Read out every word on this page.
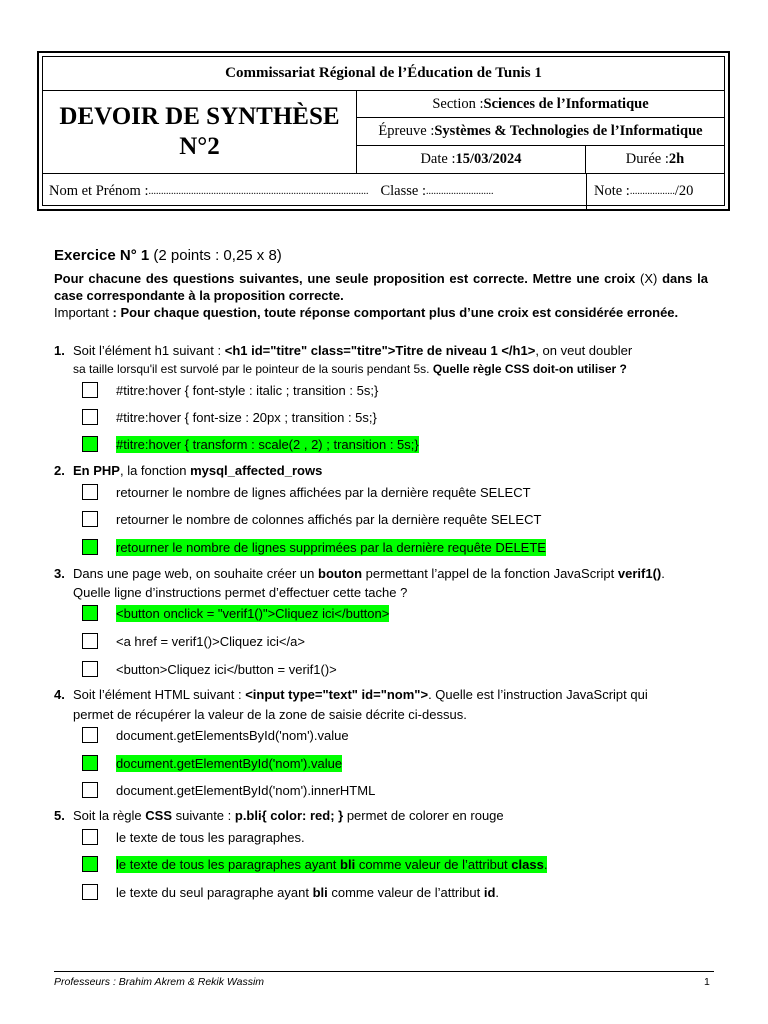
Commissariat Régional de l’Éducation de Tunis 1
DEVOIR DE SYNTHÈSE
N°2
Section : Sciences de l’Informatique
Épreuve : Systèmes & Technologies de l’Informatique
Date : 15/03/2024	Durée : 2h
Nom et Prénom : ........................................................................................ Classe : ...........................	Note : .................. /20
Exercice N° 1 (2 points : 0,25 x 8)
Pour chacune des questions suivantes, une seule proposition est correcte. Mettre une croix (X) dans la case correspondante à la proposition correcte.
Important : Pour chaque question, toute réponse comportant plus d’une croix est considérée erronée.
1. Soit l’élément h1 suivant : <h1 id="titre" class="titre">Titre de niveau 1 </h1>, on veut doubler
sa taille lorsqu'il est survolé par le pointeur de la souris pendant 5s. Quelle règle CSS doit-on utiliser ?
#titre:hover { font-style : italic ; transition : 5s;}
#titre:hover { font-size : 20px ; transition : 5s;}
#titre:hover { transform : scale(2 , 2) ; transition : 5s;}
2. En PHP, la fonction mysql_affected_rows
retourner le nombre de lignes affichées par la dernière requête SELECT
retourner le nombre de colonnes affichés par la dernière requête SELECT
retourner le nombre de lignes supprimées par la dernière requête DELETE
3. Dans une page web, on souhaite créer un bouton permettant l’appel de la fonction JavaScript verif1().
Quelle ligne d’instructions permet d’effectuer cette tache ?
<button onclick = "verif1()">Cliquez ici</button>
<a href = verif1()>Cliquez ici</a>
<button>Cliquez ici</button = verif1()>
4. Soit l’élément HTML suivant : <input type="text" id="nom">. Quelle est l’instruction JavaScript qui
permet de récupérer la valeur de la zone de saisie décrite ci-dessus.
document.getElementsById('nom').value
document.getElementById('nom').value
document.getElementById('nom').innerHTML
5. Soit la règle CSS suivante : p.bli{ color: red; } permet de colorer en rouge
le texte de tous les paragraphes.
le texte de tous les paragraphes ayant bli comme valeur de l’attribut class.
le texte du seul paragraphe ayant bli comme valeur de l’attribut id.
Professeurs : Brahim Akrem & Rekik Wassim	1
